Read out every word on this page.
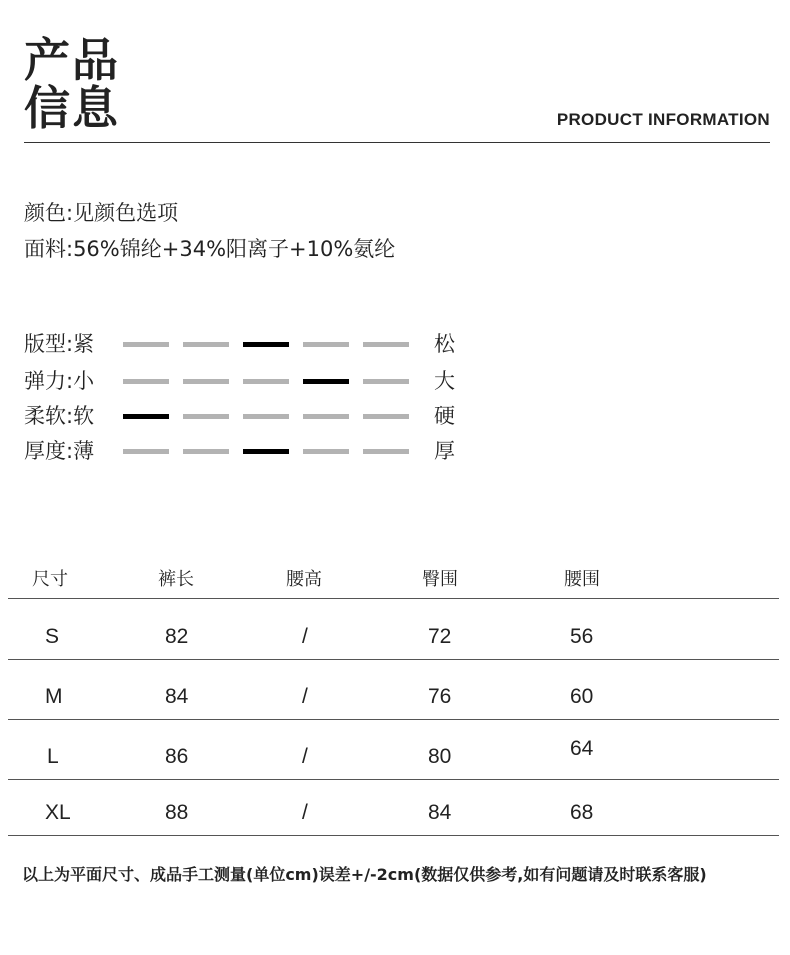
产品
信息	PRODUCT INFORMATION
颜色:见颜色选项
面料:56%锦纶+34%阳离子+10%氨纶
版型:紧	松
弹力:小	大
柔软:软	硬
厚度:薄	厚
尺寸	裤长	腰高	臀围	腰围
S	82	/	72	56
M	84	/	76	60
L	86	/	80	64
XL	88	/	84	68
以上为平面尺寸、成品手工测量(单位cm)误差+/-2cm(数据仅供参考,如有问题请及时联系客服)
